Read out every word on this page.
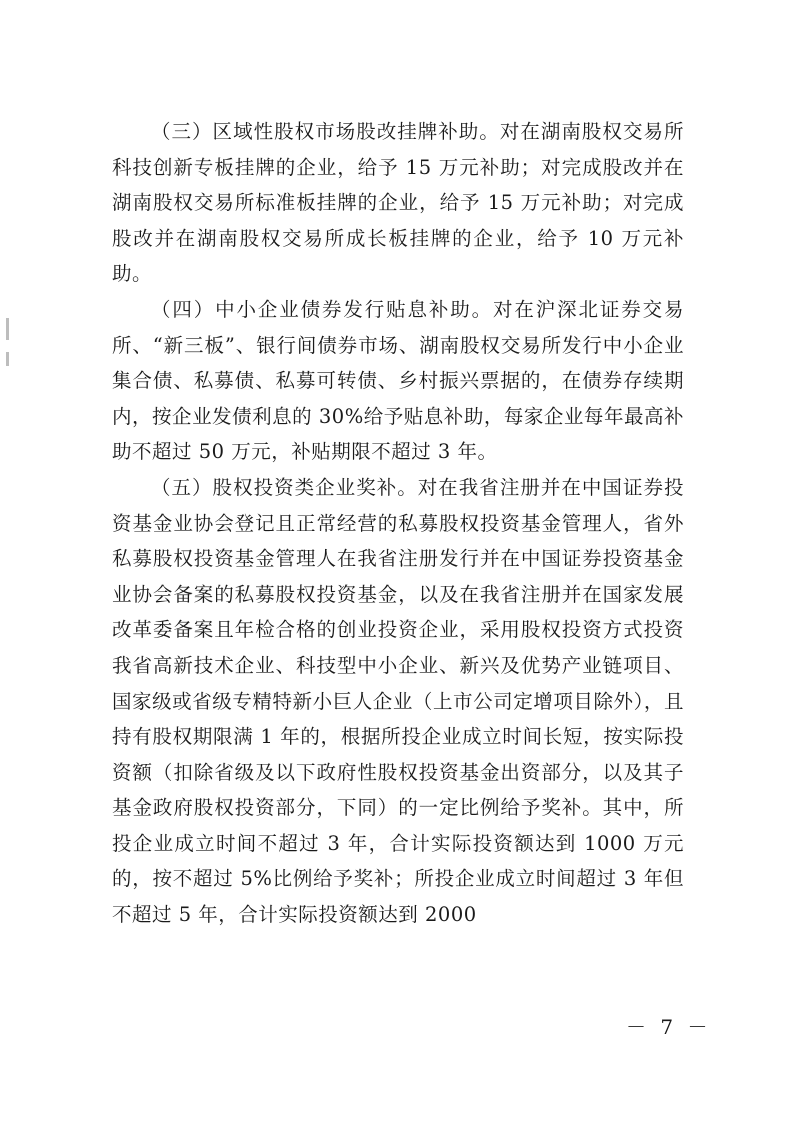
（三）区域性股权市场股改挂牌补助。对在湖南股权交易所科技创新专板挂牌的企业，给予 15 万元补助；对完成股改并在湖南股权交易所标准板挂牌的企业，给予 15 万元补助；对完成股改并在湖南股权交易所成长板挂牌的企业，给予 10 万元补助。

（四）中小企业债券发行贴息补助。对在沪深北证券交易所、“新三板”、银行间债券市场、湖南股权交易所发行中小企业集合债、私募债、私募可转债、乡村振兴票据的，在债券存续期内，按企业发债利息的 30%给予贴息补助，每家企业每年最高补助不超过 50 万元，补贴期限不超过 3 年。

（五）股权投资类企业奖补。对在我省注册并在中国证券投资基金业协会登记且正常经营的私募股权投资基金管理人，省外私募股权投资基金管理人在我省注册发行并在中国证券投资基金业协会备案的私募股权投资基金，以及在我省注册并在国家发展改革委备案且年检合格的创业投资企业，采用股权投资方式投资我省高新技术企业、科技型中小企业、新兴及优势产业链项目、国家级或省级专精特新小巨人企业（上市公司定增项目除外），且持有股权期限满 1 年的，根据所投企业成立时间长短，按实际投资额（扣除省级及以下政府性股权投资基金出资部分，以及其子基金政府股权投资部分，下同）的一定比例给予奖补。其中，所投企业成立时间不超过 3 年，合计实际投资额达到 1000 万元的，按不超过 5%比例给予奖补；所投企业成立时间超过 3 年但不超过 5 年，合计实际投资额达到 2000

－ 7 －
